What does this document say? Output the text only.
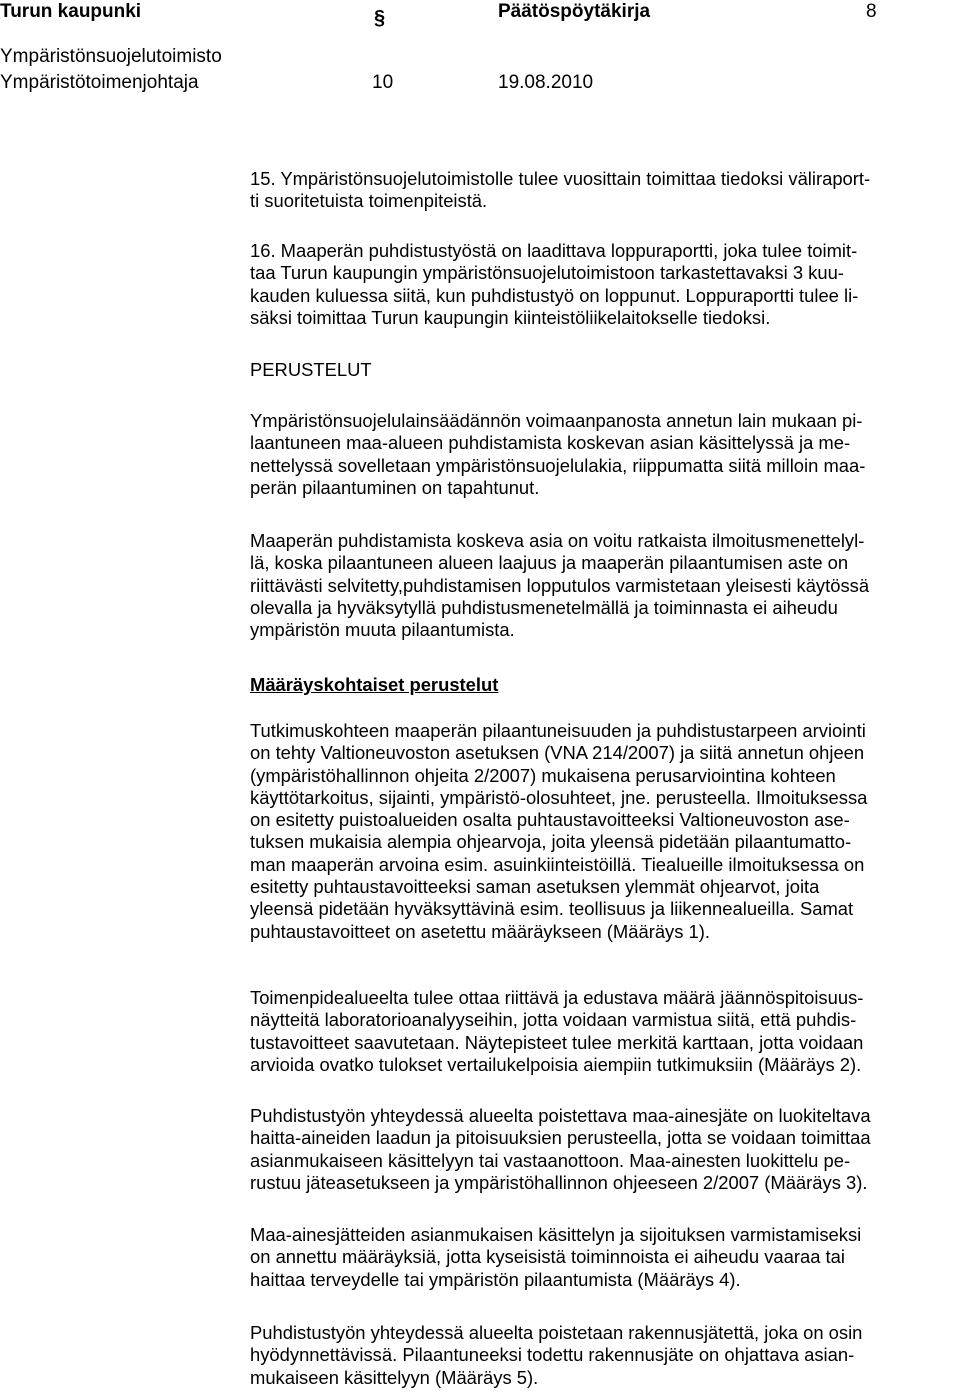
Turun kaupunki	§	Päätöspöytäkirja	8
Ympäristönsuojelutoimisto
Ympäristötoimenjohtaja	10	19.08.2010
15. Ympäristönsuojelutoimistolle tulee vuosittain toimittaa tiedoksi väliraport-
ti suoritetuista toimenpiteistä.
16. Maaperän puhdistustyöstä on laadittava loppuraportti, joka tulee toimit-
taa Turun kaupungin ympäristönsuojelutoimistoon tarkastettavaksi 3 kuu-
kauden kuluessa siitä, kun puhdistustyö on loppunut. Loppuraportti tulee li-
säksi toimittaa Turun kaupungin kiinteistöliikelaitokselle tiedoksi.
PERUSTELUT
Ympäristönsuojelulainsäädännön voimaanpanosta annetun lain mukaan pi-
laantuneen maa-alueen puhdistamista koskevan asian käsittelyssä ja me-
nettelyssä sovelletaan ympäristönsuojelulakia, riippumatta siitä milloin maa-
perän pilaantuminen on tapahtunut.
Maaperän puhdistamista koskeva asia on voitu ratkaista ilmoitusmenettelyl-
lä, koska pilaantuneen alueen laajuus ja maaperän pilaantumisen aste on
riittävästi selvitetty,puhdistamisen lopputulos varmistetaan yleisesti käytössä
olevalla ja hyväksytyllä puhdistusmenetelmällä ja toiminnasta ei aiheudu
ympäristön muuta pilaantumista.
Määräyskohtaiset perustelut
Tutkimuskohteen maaperän pilaantuneisuuden ja puhdistustarpeen arviointi
on tehty Valtioneuvoston asetuksen (VNA 214/2007) ja siitä annetun ohjeen
(ympäristöhallinnon ohjeita 2/2007) mukaisena perusarviointina kohteen
käyttötarkoitus, sijainti, ympäristö-olosuhteet, jne. perusteella. Ilmoituksessa
on esitetty puistoalueiden osalta puhtaustavoitteeksi Valtioneuvoston ase-
tuksen mukaisia alempia ohjearvoja, joita yleensä pidetään pilaantumatto-
man maaperän arvoina esim. asuinkiinteistöillä. Tiealueille ilmoituksessa on
esitetty puhtaustavoitteeksi saman asetuksen ylemmät ohjearvot, joita
yleensä pidetään hyväksyttävinä esim. teollisuus ja liikennealueilla. Samat
puhtaustavoitteet on asetettu määräykseen (Määräys 1).
Toimenpidealueelta tulee ottaa riittävä ja edustava määrä jäännöspitoisuus-
näytteitä laboratorioanalyyseihin, jotta voidaan varmistua siitä, että puhdis-
tustavoitteet saavutetaan. Näytepisteet tulee merkitä karttaan, jotta voidaan
arvioida ovatko tulokset vertailukelpoisia aiempiin tutkimuksiin (Määräys 2).
Puhdistustyön yhteydessä alueelta poistettava maa-ainesjäte on luokiteltava
haitta-aineiden laadun ja pitoisuuksien perusteella, jotta se voidaan toimittaa
asianmukaiseen käsittelyyn tai vastaanottoon. Maa-ainesten luokittelu pe-
rustuu jäteasetukseen ja ympäristöhallinnon ohjeeseen 2/2007 (Määräys 3).
Maa-ainesjätteiden asianmukaisen käsittelyn ja sijoituksen varmistamiseksi
on annettu määräyksiä, jotta kyseisistä toiminnoista ei aiheudu vaaraa tai
haittaa terveydelle tai ympäristön pilaantumista (Määräys 4).
Puhdistustyön yhteydessä alueelta poistetaan rakennusjätettä, joka on osin
hyödynnettävissä. Pilaantuneeksi todettu rakennusjäte on ohjattava asian-
mukaiseen käsittelyyn (Määräys 5).
